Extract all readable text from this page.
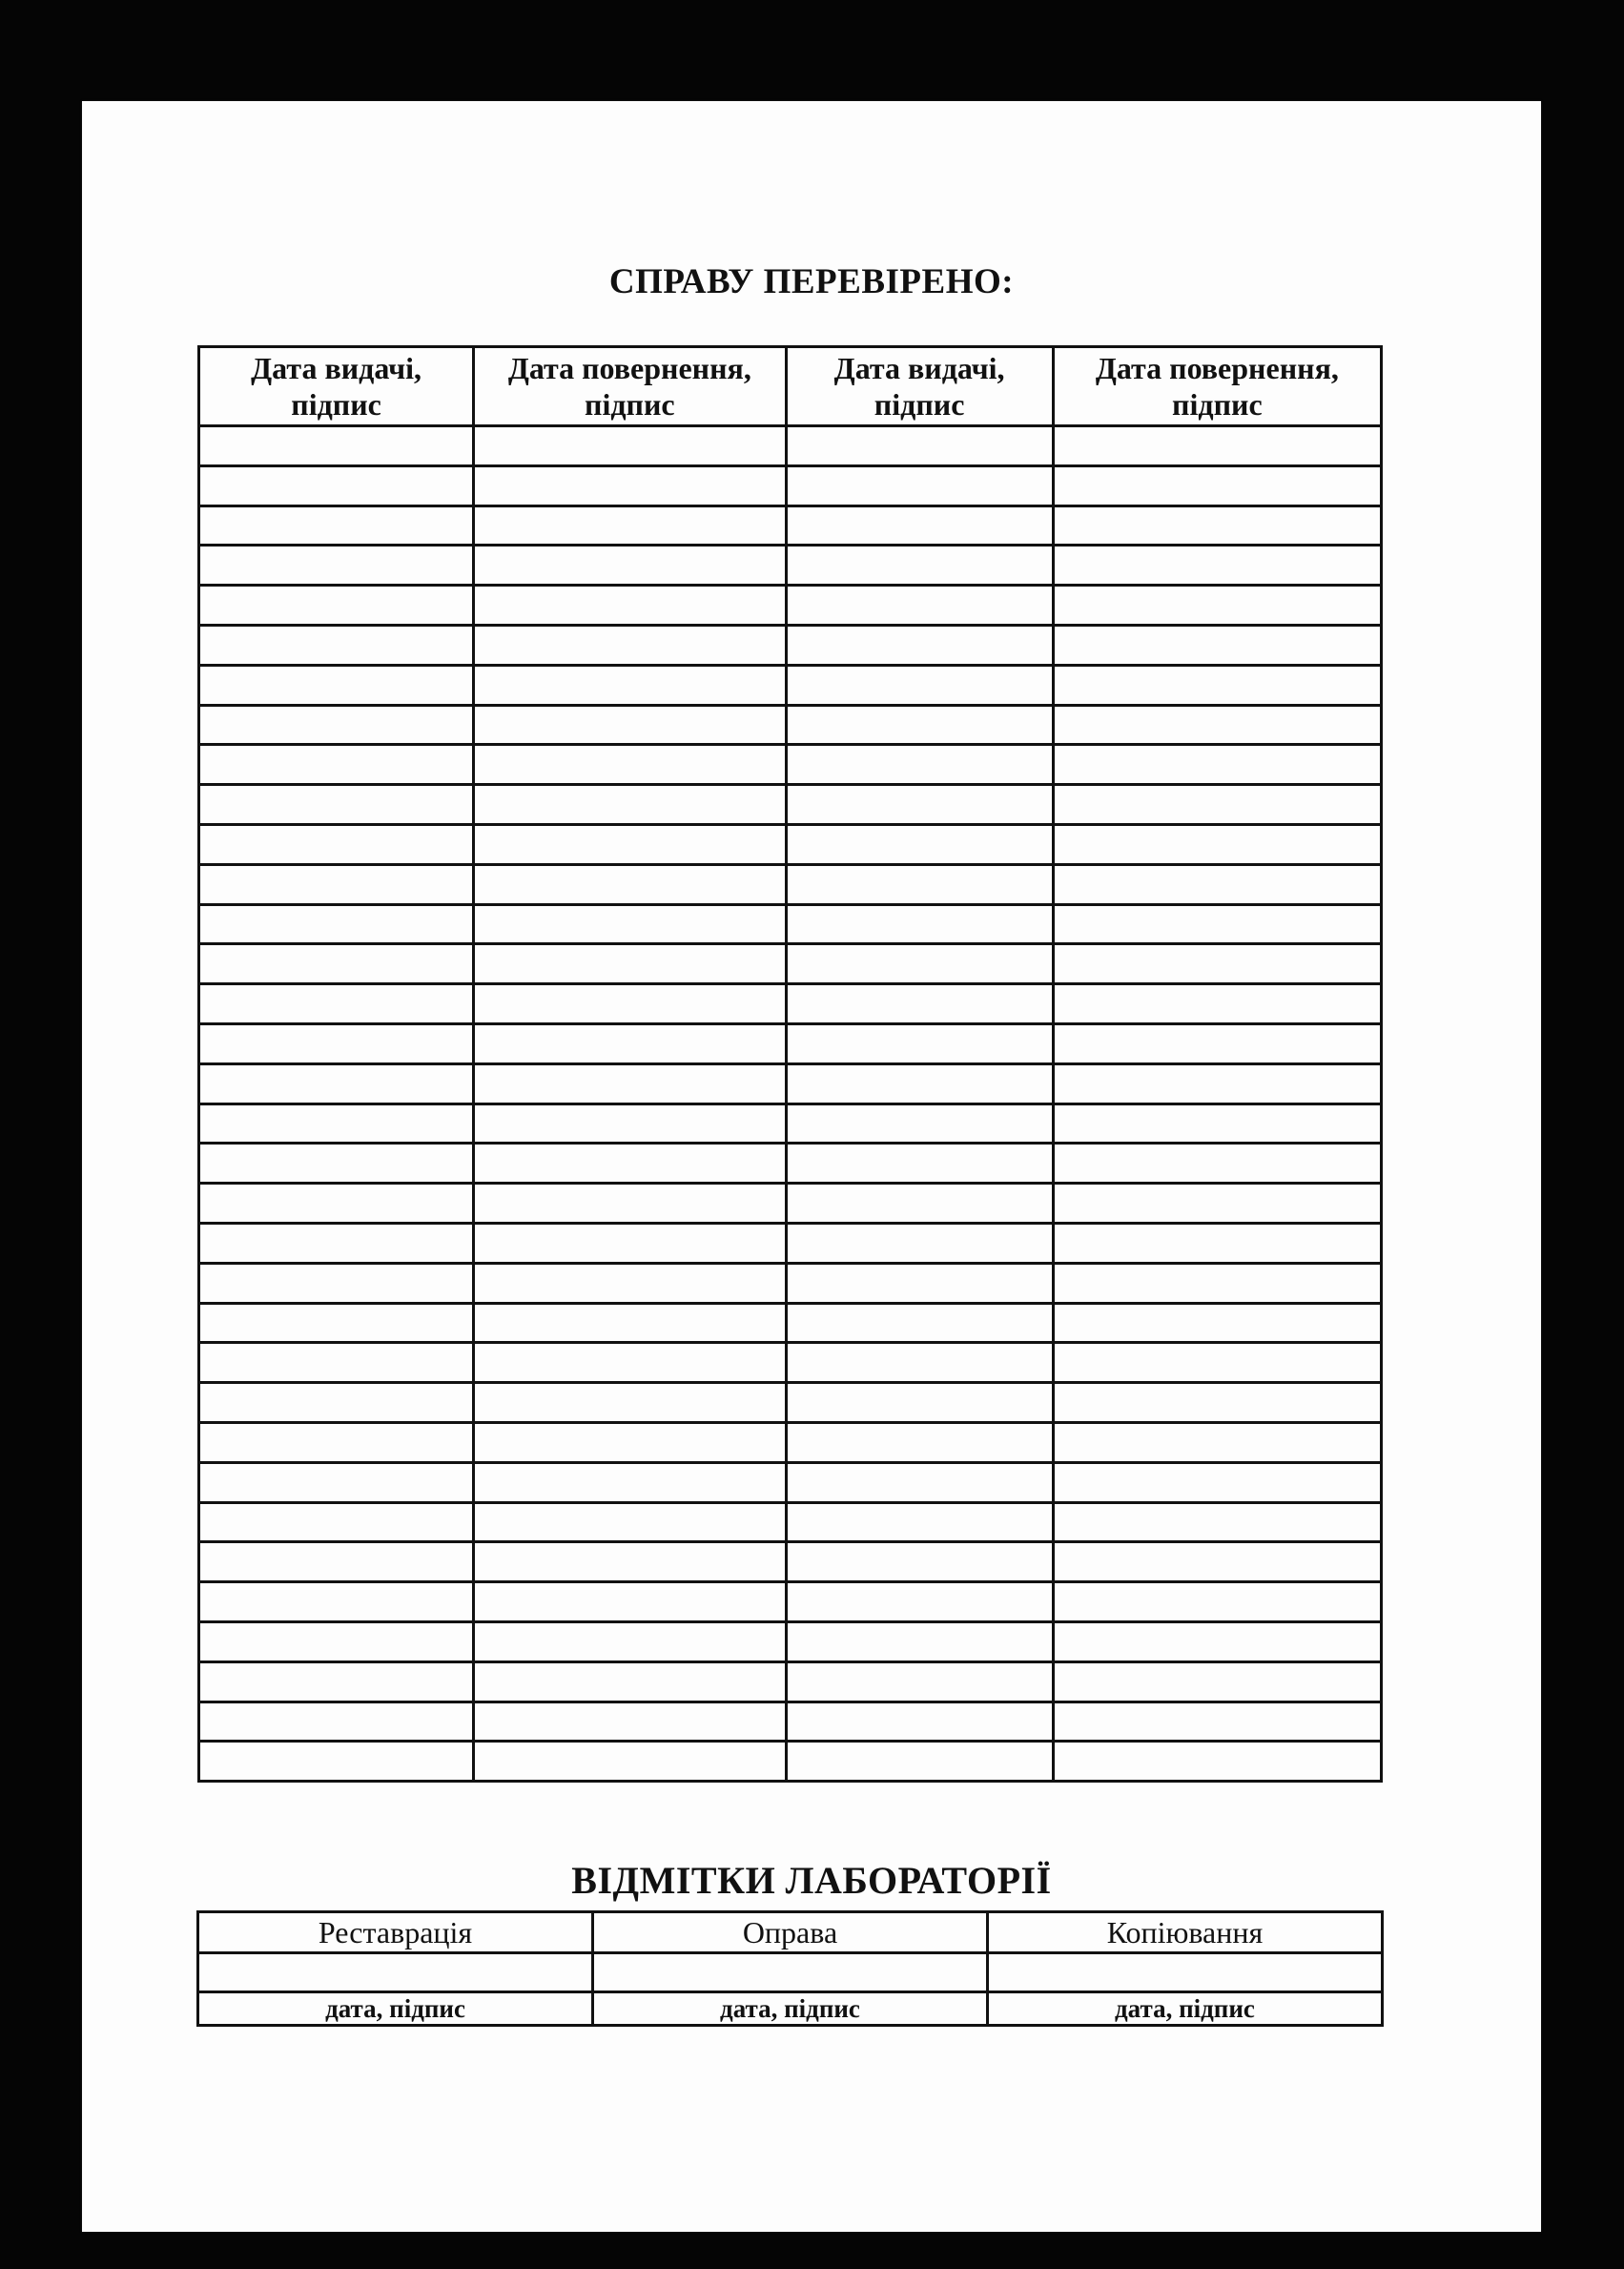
СПРАВУ ПЕРЕВІРЕНО:
Дата видачі,
підпис	Дата повернення,
підпис	Дата видачі,
підпис	Дата повернення,
підпис

ВІДМІТКИ ЛАБОРАТОРІЇ
Реставрація	Оправа	Копіювання

дата, підпис	дата, підпис	дата, підпис
